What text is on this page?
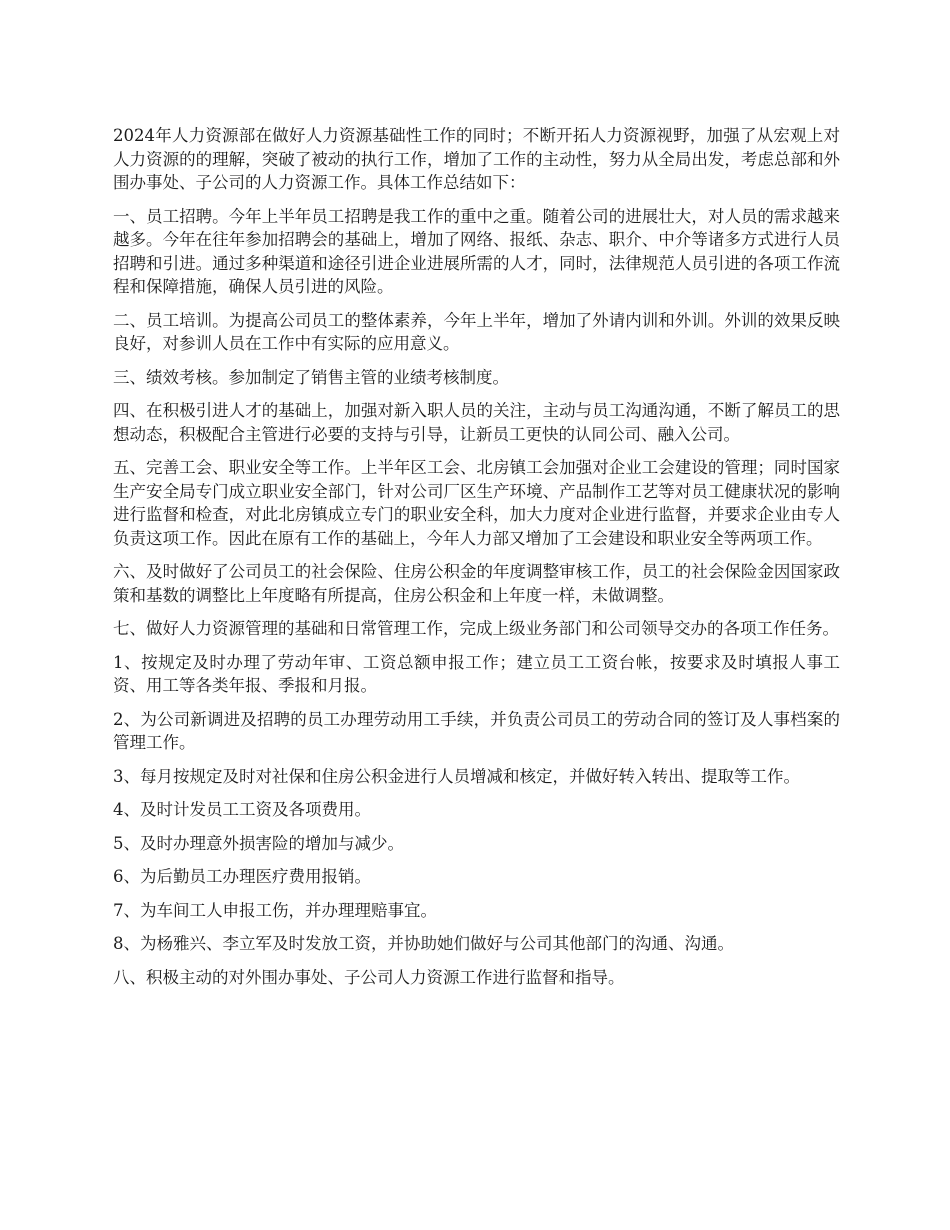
2024年人力资源部在做好人力资源基础性工作的同时；不断开拓人力资源视野，加强了从宏观上对人力资源的的理解，突破了被动的执行工作，增加了工作的主动性，努力从全局出发，考虑总部和外围办事处、子公司的人力资源工作。具体工作总结如下：

一、员工招聘。今年上半年员工招聘是我工作的重中之重。随着公司的进展壮大，对人员的需求越来越多。今年在往年参加招聘会的基础上，增加了网络、报纸、杂志、职介、中介等诸多方式进行人员招聘和引进。通过多种渠道和途径引进企业进展所需的人才，同时，法律规范人员引进的各项工作流程和保障措施，确保人员引进的风险。

二、员工培训。为提高公司员工的整体素养，今年上半年，增加了外请内训和外训。外训的效果反映良好，对参训人员在工作中有实际的应用意义。

三、绩效考核。参加制定了销售主管的业绩考核制度。

四、在积极引进人才的基础上，加强对新入职人员的关注，主动与员工沟通沟通，不断了解员工的思想动态，积极配合主管进行必要的支持与引导，让新员工更快的认同公司、融入公司。

五、完善工会、职业安全等工作。上半年区工会、北房镇工会加强对企业工会建设的管理；同时国家生产安全局专门成立职业安全部门，针对公司厂区生产环境、产品制作工艺等对员工健康状况的影响进行监督和检查，对此北房镇成立专门的职业安全科，加大力度对企业进行监督，并要求企业由专人负责这项工作。因此在原有工作的基础上，今年人力部又增加了工会建设和职业安全等两项工作。

六、及时做好了公司员工的社会保险、住房公积金的年度调整审核工作，员工的社会保险金因国家政策和基数的调整比上年度略有所提高，住房公积金和上年度一样，未做调整。

七、做好人力资源管理的基础和日常管理工作，完成上级业务部门和公司领导交办的各项工作任务。

1、按规定及时办理了劳动年审、工资总额申报工作；建立员工工资台帐，按要求及时填报人事工资、用工等各类年报、季报和月报。

2、为公司新调进及招聘的员工办理劳动用工手续，并负责公司员工的劳动合同的签订及人事档案的管理工作。

3、每月按规定及时对社保和住房公积金进行人员增减和核定，并做好转入转出、提取等工作。

4、及时计发员工工资及各项费用。

5、及时办理意外损害险的增加与减少。

6、为后勤员工办理医疗费用报销。

7、为车间工人申报工伤，并办理理赔事宜。

8、为杨雅兴、李立军及时发放工资，并协助她们做好与公司其他部门的沟通、沟通。

八、积极主动的对外围办事处、子公司人力资源工作进行监督和指导。
